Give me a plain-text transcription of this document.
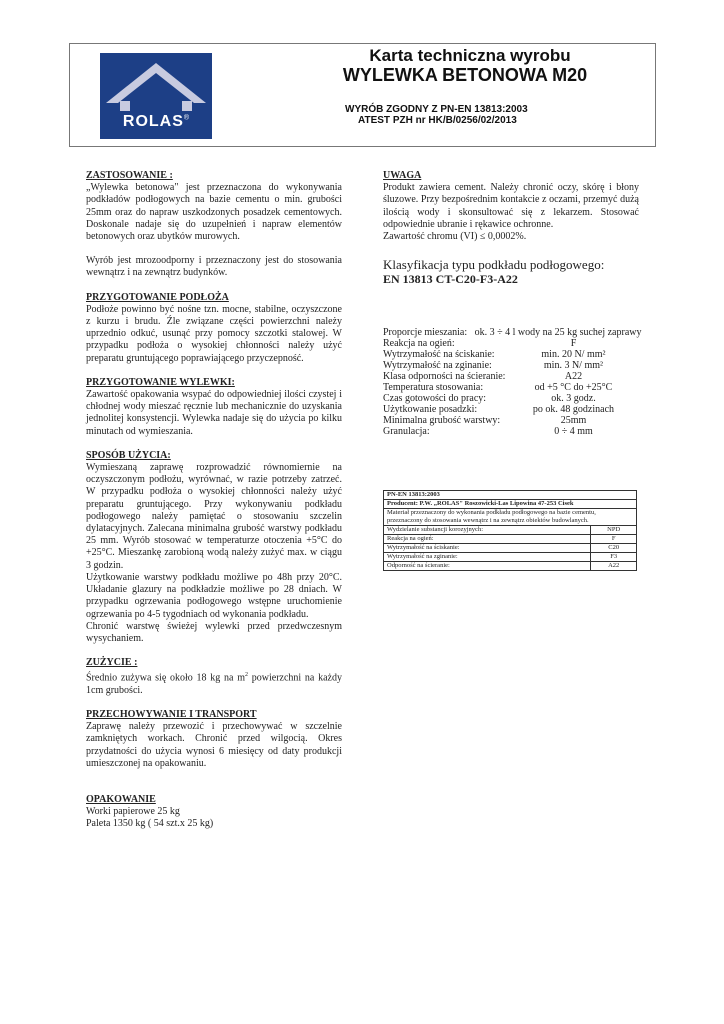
ROLAS®
Karta techniczna wyrobu
WYLEWKA BETONOWA M20
WYRÓB ZGODNY Z PN-EN 13813:2003
ATEST PZH nr HK/B/0256/02/2013
ZASTOSOWANIE :
„Wylewka betonowa" jest przeznaczona do wykonywania podkładów podłogowych na bazie cementu o min. grubości 25mm oraz do napraw uszkodzonych posadzek cementowych. Doskonale nadaje się do uzupełnień i napraw elementów betonowych oraz ubytków murowych.
Wyrób jest mrozoodporny i przeznaczony jest do stosowania wewnątrz i na zewnątrz budynków.
PRZYGOTOWANIE PODŁOŻA
Podłoże powinno być nośne tzn. mocne, stabilne, oczyszczone z kurzu i brudu. Źle związane części powierzchni należy uprzednio odkuć, usunąć przy pomocy szczotki stalowej. W przypadku podłoża o wysokiej chłonności należy użyć preparatu gruntującego poprawiającego przyczepność.
PRZYGOTOWANIE WYLEWKI:
Zawartość opakowania wsypać do odpowiedniej ilości czystej i chłodnej wody mieszać ręcznie lub mechanicznie do uzyskania jednolitej konsystencji. Wylewka nadaje się do użycia po kilku minutach od wymieszania.
SPOSÓB UŻYCIA:
Wymieszaną zaprawę rozprowadzić równomiernie na oczyszczonym podłożu, wyrównać, w razie potrzeby zatrzeć. W przypadku podłoża o wysokiej chłonności należy użyć preparatu gruntującego. Przy wykonywaniu podkładu podłogowego należy pamiętać o stosowaniu szczelin dylatacyjnych. Zalecana minimalna grubość warstwy podkładu 25 mm. Wyrób stosować w temperaturze otoczenia +5°C do +25°C. Mieszankę zarobioną wodą należy zużyć max. w ciągu 3 godzin.
Użytkowanie warstwy podkładu możliwe po 48h przy 20°C. Układanie glazury na podkładzie możliwe po 28 dniach. W przypadku ogrzewania podłogowego wstępne uruchomienie ogrzewania po 4-5 tygodniach od wykonania podkładu.
Chronić warstwę świeżej wylewki przed przedwczesnym wysychaniem.
ZUŻYCIE :
Średnio zużywa się około 18 kg na $m^2$ powierzchni na każdy 1cm grubości.
PRZECHOWYWANIE I TRANSPORT
Zaprawę należy przewozić i przechowywać w szczelnie zamkniętych workach. Chronić przed wilgocią. Okres przydatności do użycia wynosi 6 miesięcy od daty produkcji umieszczonej na opakowaniu.
OPAKOWANIE
Worki papierowe 25 kg
Paleta 1350 kg ( 54 szt.x 25 kg)
UWAGA
Produkt zawiera cement. Należy chronić oczy, skórę i błony śluzowe. Przy bezpośrednim kontakcie z oczami, przemyć dużą ilością wody i skonsultować się z lekarzem. Stosować odpowiednie ubranie i rękawice ochronne.
Zawartość chromu (VI) ≤ 0,0002%.
Klasyfikacja typu podkładu podłogowego:
EN 13813 CT-C20-F3-A22
Proporcje mieszania: ok. 3 ÷ 4 l wody na 25 kg suchej zaprawy	
Reakcja na ogień:	F
Wytrzymałość na ściskanie:	min. 20 N/ mm²
Wytrzymałość na zginanie:	min. 3 N/ mm²
Klasa odporności na ścieranie:	A22
Temperatura stosowania:	od +5 °C do +25°C
Czas gotowości do pracy:	ok. 3 godz.
Użytkowanie posadzki:	po ok. 48 godzinach
Minimalna grubość warstwy:	25mm
Granulacja:	0 ÷ 4 mm
PN-EN 13813:2003	
Producent: P.W. „ROLAS" Roszowicki-Las Lipowina 47-253 Cisek	
Materiał przeznaczony do wykonania podkładu podłogowego na bazie cementu, przeznaczony do stosowania wewnątrz i na zewnątrz obiektów budowlanych.	
Wydzielanie substancji korozyjnych:	NPD
Reakcja na ogień:	F
Wytrzymałość na ściskanie:	C20
Wytrzymałość na zginanie:	F3
Odporność na ścieranie:	A22
